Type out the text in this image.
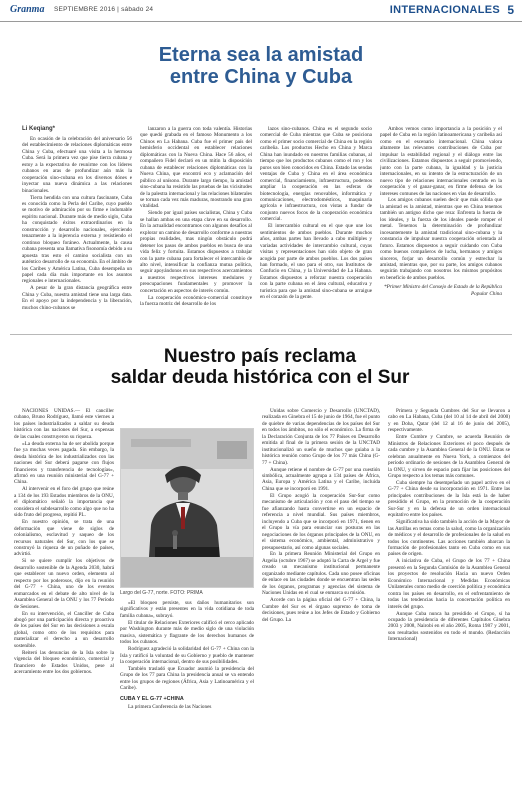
Granma SEPTIEMBRE 2016 | sábado 24	INTERNACIONALES 5
Eterna sea la amistad
entre China y Cuba
Li Keqiang*

En ocasión de la celebración del aniversario 56 del establecimiento de relaciones diplomáticas entre China y Cuba, efectuaré una visita a la hermosa Cuba. Será la primera vez que pise tierra cubana y estoy a la expectativa de reunirme con los líderes cubanos en aras de profundizar aún más la cooperación sino-cubana en los diversos dónes e inyectar una nueva dinámica a las relaciones binacionales.

Tierra hendida con una cultura fascinante, Cuba es conocida como la Perla del Caribe, cuyo pueblo se motivo de admiración por su firme e indomable espíritu nacional. Durante más de medio siglo, Cuba ha conquistado éxitos extraordinarios en la construcción y desarrollo nacionales, ejerciendo tenazmente a la injerencia externa y resistiendo el continuo bloqueo foráneo. Actualmente, la causa cubana presenta una llamativa fisonomía debido a su apuesta tras esto el camino socialista con un auténtico desarrollo de su economía. En el ámbito de los Caribes y América Latina, Cuba desempeña un papel cada día más importante en los asuntos regionales e internacionales.

A pesar de la gran distancia geográfica entre China y Cuba, nuestra amistad tiene una larga data. En el apoyo por la independencia y la liberación, muchos chino-cubanos se

lanzaron a la guerra con toda valentía. Historias que quedó grabada en el famoso Monumento a los Chinos en La Habana. Cuba fue el primer país del hemisferio occidental en establecer relaciones diplomáticas con la Nueva China. Hace 56 años, el compañero Fidel declaró en un mitin la disposición cubana de establecer relaciones diplomáticas con la Nueva China, que encontró eco y aclamación del público al unísono. Durante largo tiempo, la amistad sino-cubana ha resistido las pruebas de las vicisitudes de la palestra internacional y las relaciones bilaterales se tornan cada vez más maduras, mostrando una gran vitalidad.

Siendo por igual países socialistas, China y Cuba se hallan ambas en una etapa clave en su desarrollo. En la actualidad encontramos con algunos desafíos al explorar un camino de desarrollo conforme a nuestras propias realidades, mas ningún obstáculo podrá detener los pasos de ambos pueblos en busca de una vida feliz y fortuita. Estamos dispuestos a trabajar con la parte cubana para fortalecer el intercambio de alto nivel, intensificar la confianza mutua política, seguir apoyándonos en sus respectivos acercamientos a nuestros respectivos intereses medulares y preocupaciones fundamentales y promover la concertación en aspectos de interés común.

La cooperación económico-comercial constituye la fuerza motriz del desarrollo de los

lazos sino-cubanos. China es el segundo socio comercial de Cuba mientras que Cuba se posiciona como el primer socio comercial de China en la región caribeña. Los productos Hecho en China y Marca China han inundado en nuestros familias cubanas, al tiempo que los productos cubanos como el ron y los puros son bien conocidos en China. Estado las sendas ventajas de Cuba y China en el área económica comercial, financiamiento, infraestructura, podemos ampliar la cooperación en las esferas de biotecnología, energías renovables, informática y comunicaciones, electrodomésticos, maquinaria agrícola e infraestructura, con vistas a fundar de conjunto nuevos focos de la cooperación económica comercial.

El intercambio cultural en el que que une los sentimientos de ambos pueblos. Durante muchos años, ambas partes han llevado a cabo múltiples y variadas actividades de intercambio cultural, cuyas visitas y representaciones han sido objeto de gran acogida por parte de ambos pueblos. Los dos países han formado, el uno para el otro, sus Institutos de Confucio en China, y la Universidad de La Habana. Estamos dispuestos a reforzar nuestra cooperación con la parte cubana en el área cultural, educativa y turística para que la amistad sino-cubana se arraigue en el corazón de la gente.

Ambos vemos como importancia a la posición y el papel de Cuba en la región latinoamericana y caribeña así como en el escenario internacional. China valora altamente las relevantes contribuciones de Cuba por impulsar la estabilidad regional y el diálogo entre las civilizaciones. Estamos dispuestos a seguir promoviendo, junto con la parte cubana, la igualdad y la justicia internacionales, en su intento de la estructuración de un nuevo tipo de relaciones internacionales centrado en la cooperación y el ganar-ganar, en firme defensa de los intereses comunes de las naciones en vías de desarrollo.

Los amigos cubanos suelen decir que más sólida que la amistad es la amistad, mientras que en China tenemos también un antiguo dicho que reza: Enfrenta la fuerza de los ideales, y la fuerza de los ideales puede romper el metal. Tenemos la determinación de profundizar incesantemente la amistad tradicional sino-cubana y la constancia de impulsar nuestra cooperación orientada al futuro. Estamos dispuestos a seguir cuidando con Cuba como buenos compañeros de lucha, hermanos y amigos sinceros, forjar un desarrollo común y estrechar la amistad, mientras que, por su parte, los amigos cubanos seguirán trabajando con nosotros los mismos propósitos en beneficio de ambos pueblos.

*Primer Ministro del Consejo de Estado de la República Popular China

Nuestro país reclama
saldar deuda histórica con el Sur

NACIONES UNIDAS.— El canciller cubano, Bruno Rodríguez, llamó este viernes a los países industrializados a saldar su deuda histórica con las naciones del Sur, a expensas de las cuales construyeron su riqueza.

«La deuda externa ha de ser abolida porque fue ya muchas veces pagada. Sin embargo, la deuda histórica de los industrializados con las naciones del Sur deberá pagarse con flujos financieros y transferencia de tecnologías», afirmó en una reunión ministerial del G-77 + China.

Al intervenir en el foro del grupo que reúne a 134 de los 193 Estados miembros de la ONU, el diplomático señaló la importancia que considera el subdesarrollo como algo que no ha sido fruto del progreso, repitió PL.

En nuestro opinión, se trata de una deformación que viene de siglos de colonialismo, esclavitud y saqueo de los recursos naturales del Sur, con los que se construyó la riqueza de un puñado de países, advirtió.

Si se quiere cumplir los objetivos de desarrollo sostenible de la Agenda 2030, habrá que establecer un nuevo orden, elemento al respecto por los poderosos, dijo en la reunión del G-77 + China, uno de los eventos enmarcados en el debate de alto nivel de la Asamblea General de la ONU y los 77 Período de Sesiones.

En su intervención, el Canciller de Cuba abogó por una participación directa y proactiva de los países del Sur en las decisiones a escala global, como otro de los requisitos para materializar el derecho a un desarrollo sostenible.

Reiteró las denuncias de la Isla sobre la vigencia del bloqueo económico, comercial y financiero de Estados Unidos, pese al acercamiento entre los dos gobiernos.

Largo del G-77, norte. FOTO: PRIMA

«El bloqueo persiste, sus daños humanitarios son significativos y están presentes en la vida cotidiana de toda familia cubana», subrayó.

El titular de Relaciones Exteriores calificó el cerco aplicado por Washington durante más de medio siglo de una violación masiva, sistemática y flagrante de los derechos humanos de todos los cubanos.

Rodríguez agradeció la solidaridad del G-77 + China con la Isla y ratificó la voluntad de su Gobierno y pueblo de mantener la cooperación internacional, dentro de sus posibilidades.

También trasladó que Ecuador asumió la presidencia del Grupo de los 77 para China la presidencia anual se va entendo entre los grupos de regiones (África, Asia y Latinoamérica y el Caribe).

CUBA Y EL G-77 +CHINA

La primera Conferencia de las Naciones

Unidas sobre Comercio y Desarrollo (UNCTAD), realizada en Ginebra el 15 de junio de 1964, fue el punto de quiebre de varias dependencias de los países del Sur en todos los ámbitos, no sólo el económico. La firma de la Declaración Conjunta de los 77 Países en Desarrollo emitida al final de la primera sesión de la UNCTAD institucionalizó un sueño de muchos que guiaba a la histórica reunión como Grupo de los 77 más China (G-77 + China).

Aunque retiene el nombre de G-77 por una cuestión simbólica, actualmente agrupa a 134 países de África, Asia, Europa y América Latina y el Caribe, incluida China que se incorporó en 1991.

El Grupo acogió la cooperación Sur-Sur como mecanismo de articulación y con el paso del tiempo se fue afianzando hasta convertirse en un espacio de referencia a nivel mundial. Sus países miembros, incluyendo a Cuba que se incorporó en 1971, tienen en el Grupo la vía para enunciar sus posturas en las negociaciones de los órganos principales de la ONU, en el sistema económico, ambiental, administrativo y presupuestario, así como algunas sociales.

En la primera Reunión Ministerial del Grupo en Argelia (octubre 1967) se adoptó la Carta de Argel y fue creado un mecanismo institucional permanente organizado mediante capítulos. Cada uno posee oficinas de enlace en las ciudades donde se encuentran las sedes de los órganos, programas y agencias del sistema de Naciones Unidas en el cual se enmarca su misión.

Acorde con la página oficial del G-77 + China, la Cumbre del Sur es el órgano supremo de toma de decisiones, pues reúne a los Jefes de Estado y Gobierno del Grupo. La

Primera y Segunda Cumbres del Sur se llevaron a cabo en La Habana, Cuba (del 10 al 14 de abril del 2000) y en Doha, Qatar (del 12 al 16 de junio del 2005), respectivamente.

Entre Cumbre y Cumbre, se acuerda Reunión de Ministros de Relaciones Exteriores el poco después de cada cumbre y la Asamblea General de la ONU. Estas se celebran anualmente en Nueva York, a comienzos del período ordinario de sesiones de la Asamblea General de la ONU, y sirven de espacio para fijar las posiciones del Grupo respecto a los temas más comunes.

Cuba siempre ha desempeñado un papel activo en el G-77 + China desde su incorporación en 1971. Entre las principales contribuciones de la Isla está la de haber presidido el Grupo, en la promoción de la cooperación Sur-Sur y en la defensa de un orden internacional equitativo entre los países.

Significativa ha sido también la acción de la Mayor de las Antillas en temas como la salud, como la organización de médicos y el desarrollo de profesionales de la salud en todos los continentes. Las acciones también abarcan la formación de profesionales tanto en Cuba como en sus países de origen.

A iniciativa de Cuba, el Grupo de los 77 + China presentó en la Segunda Comisión de la Asamblea General los proyectos de resolución Hacia un nuevo Orden Económico Internacional y Medidas Económicas Unilaterales como medio de coerción política y económica contra los países en desarrollo, en el enfrentamiento de todas las tendencias hacia la concertación política en interés del grupo.

Aunque Cuba nunca ha presidido el Grupo, sí ha ocupado la presidencia de diferentes Capítulos Ginebra 2003 y 2008, Nairobi en el año 2005, Roma 1987 y 2001, son resultados sostenidos en todo el mundo. (Redacción Internacional)
